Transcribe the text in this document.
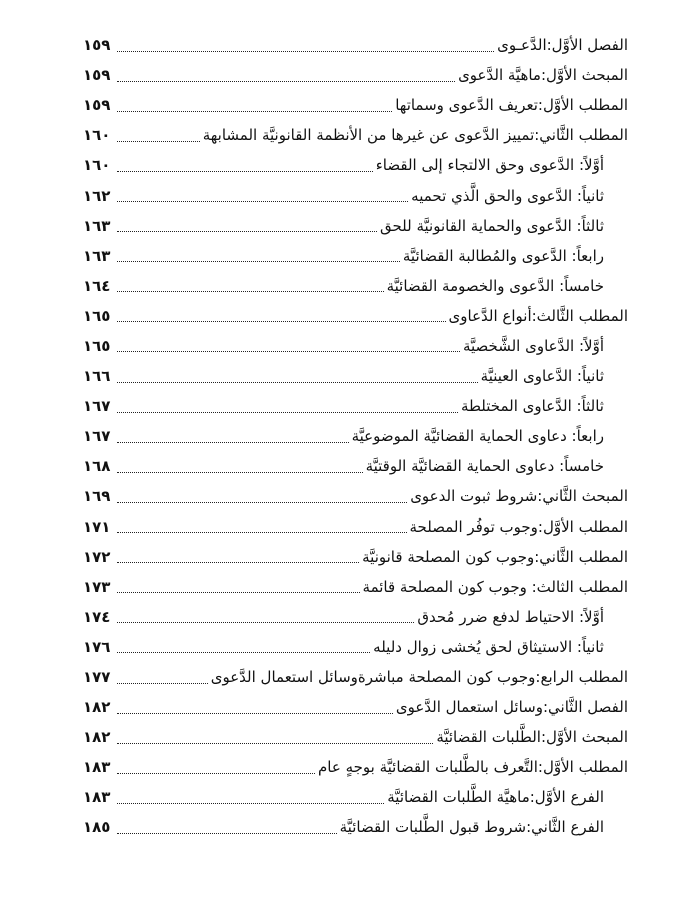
الفصل الأوَّل:الدَّعـوى
١٥٩
المبحث الأوَّل:ماهيَّة الدَّعوى
١٥٩
المطلب الأوَّل:تعريف الدَّعوى وسماتها
١٥٩
المطلب الثَّاني:تمييز الدَّعوى عن غيرها من الأنظمة القانونيَّة المشابهة
١٦٠
أوَّلاً: الدَّعوى وحق الالتجاء إلى القضاء
١٦٠
ثانياً: الدَّعوى والحق الَّذي تحميه
١٦٢
ثالثاً: الدَّعوى والحماية القانونيَّة للحق
١٦٣
رابعاً: الدَّعوى والمُطالبة القضائيَّة
١٦٣
خامساً: الدَّعوى والخصومة القضائيَّة
١٦٤
المطلب الثَّالث:أنواع الدَّعاوى
١٦٥
أوَّلاً: الدَّعاوى الشَّخصيَّة
١٦٥
ثانياً: الدَّعاوى العينيَّة
١٦٦
ثالثاً: الدَّعاوى المختلطة
١٦٧
رابعاً: دعاوى الحماية القضائيَّة الموضوعيَّة
١٦٧
خامساً: دعاوى الحماية القضائيَّة الوقتيَّة
١٦٨
المبحث الثَّاني:شروط ثبوت الدعوى
١٦٩
المطلب الأوَّل:وجوب توفُر المصلحة
١٧١
المطلب الثَّاني:وجوب كون المصلحة قانونيَّة
١٧٢
المطلب الثالث: وجوب كون المصلحة قائمة
١٧٣
أوَّلاً: الاحتياط لدفع ضرر مُحدق
١٧٤
ثانياً: الاستيثاق لحق يُخشى زوال دليله
١٧٦
المطلب الرابع:وجوب كون المصلحة مباشرةوسائل استعمال الدَّعوى
١٧٧
الفصل الثَّاني:وسائل استعمال الدَّعوى
١٨٢
المبحث الأوَّل:الطَّلبات القضائيَّة
١٨٢
المطلب الأوَّل:التَّعرف بالطَّلبات القضائيَّة بوجهٍ عام
١٨٣
الفرع الأوَّل:ماهيَّة الطَّلبات القضائيَّة
١٨٣
الفرع الثَّاني:شروط قبول الطَّلبات القضائيَّة
١٨٥
